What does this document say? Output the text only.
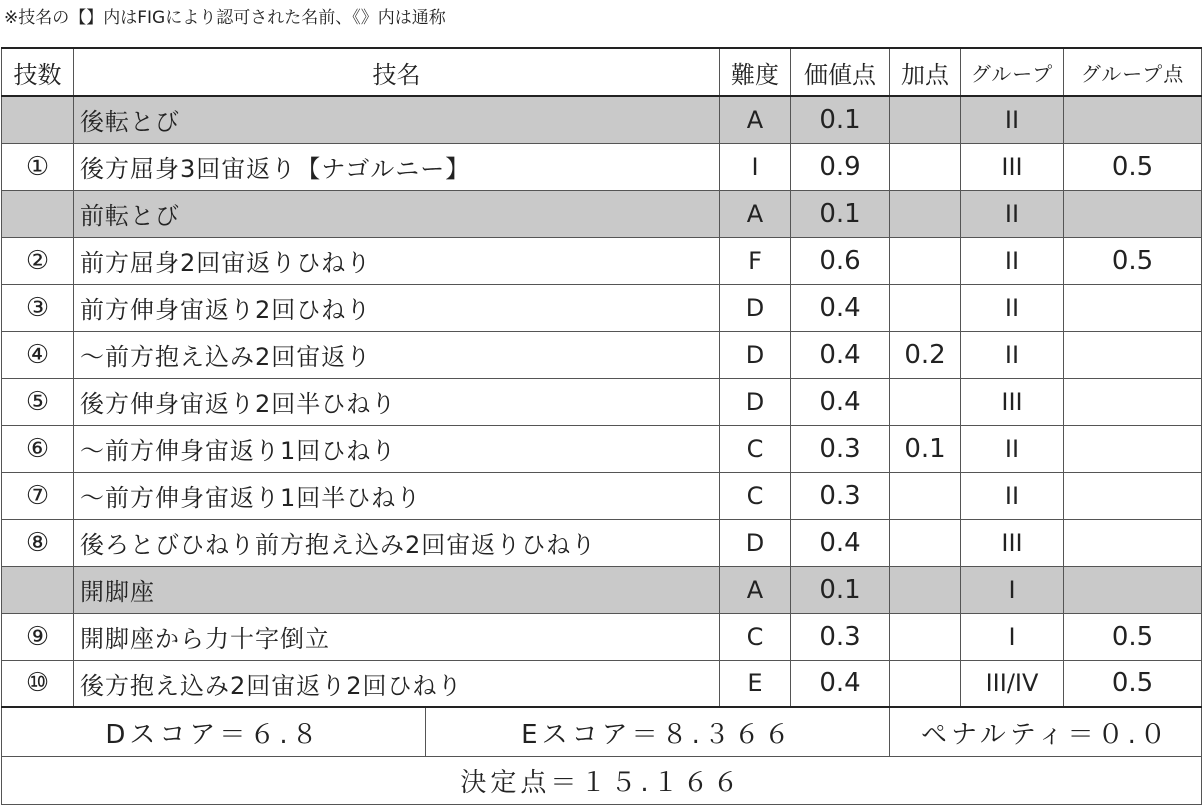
※技名の【】内はFIGにより認可された名前、《》内は通称
技数	技名	難度	価値点	加点	グループ	グループ点
	後転とび	A	0.1		II	
①	後方屈身3回宙返り【ナゴルニー】	I	0.9		III	0.5
	前転とび	A	0.1		II	
②	前方屈身2回宙返りひねり	F	0.6		II	0.5
③	前方伸身宙返り2回ひねり	D	0.4		II	
④	～前方抱え込み2回宙返り	D	0.4	0.2	II	
⑤	後方伸身宙返り2回半ひねり	D	0.4		III	
⑥	～前方伸身宙返り1回ひねり	C	0.3	0.1	II	
⑦	～前方伸身宙返り1回半ひねり	C	0.3		II	
⑧	後ろとびひねり前方抱え込み2回宙返りひねり	D	0.4		III	
	開脚座	A	0.1		I	
⑨	開脚座から力十字倒立	C	0.3		I	0.5
⑩	後方抱え込み2回宙返り2回ひねり	E	0.4		III/IV	0.5

Dスコア＝６.８ Eスコア＝８.３６６				ペナルティ＝０.０		
決定点＝１５.１６６						
